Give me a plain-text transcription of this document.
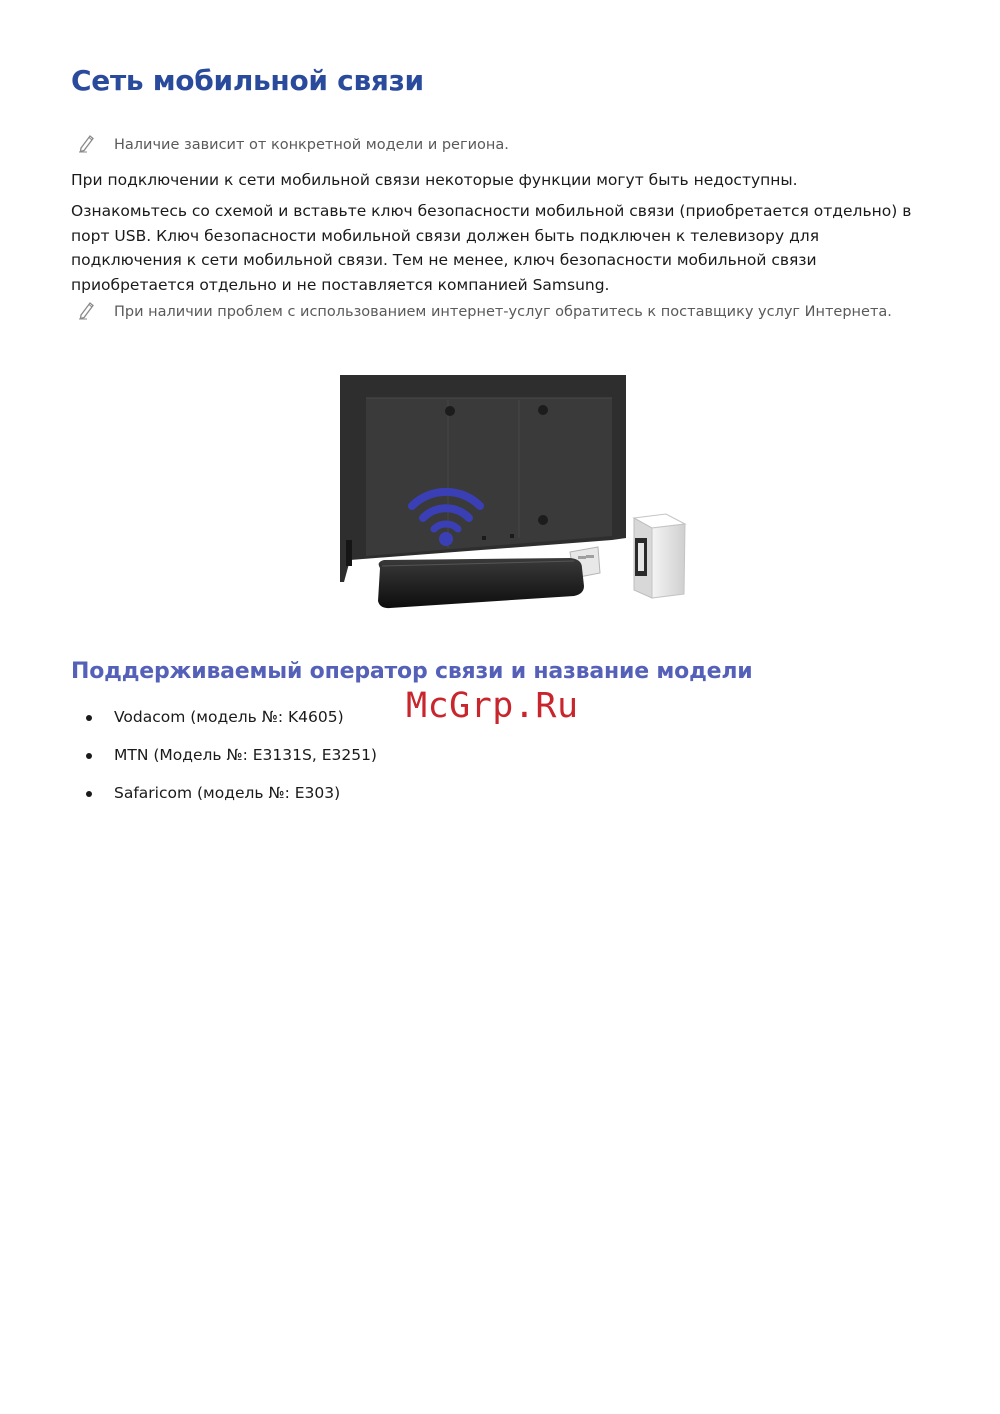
Сеть мобильной связи
Наличие зависит от конкретной модели и региона.

При подключении к сети мобильной связи некоторые функции могут быть недоступны.

Ознакомьтесь со схемой и вставьте ключ безопасности мобильной связи (приобретается отдельно) в порт USB. Ключ безопасности мобильной связи должен быть подключен к телевизору для подключения к сети мобильной связи. Тем не менее, ключ безопасности мобильной связи приобретается отдельно и не поставляется компанией Samsung.

При наличии проблем с использованием интернет-услуг обратитесь к поставщику услуг Интернета.
Поддерживаемый оператор связи и название модели
McGrp.Ru
Vodacom (модель №: K4605)
MTN (Модель №: E3131S, E3251)
Safaricom (модель №: E303)
